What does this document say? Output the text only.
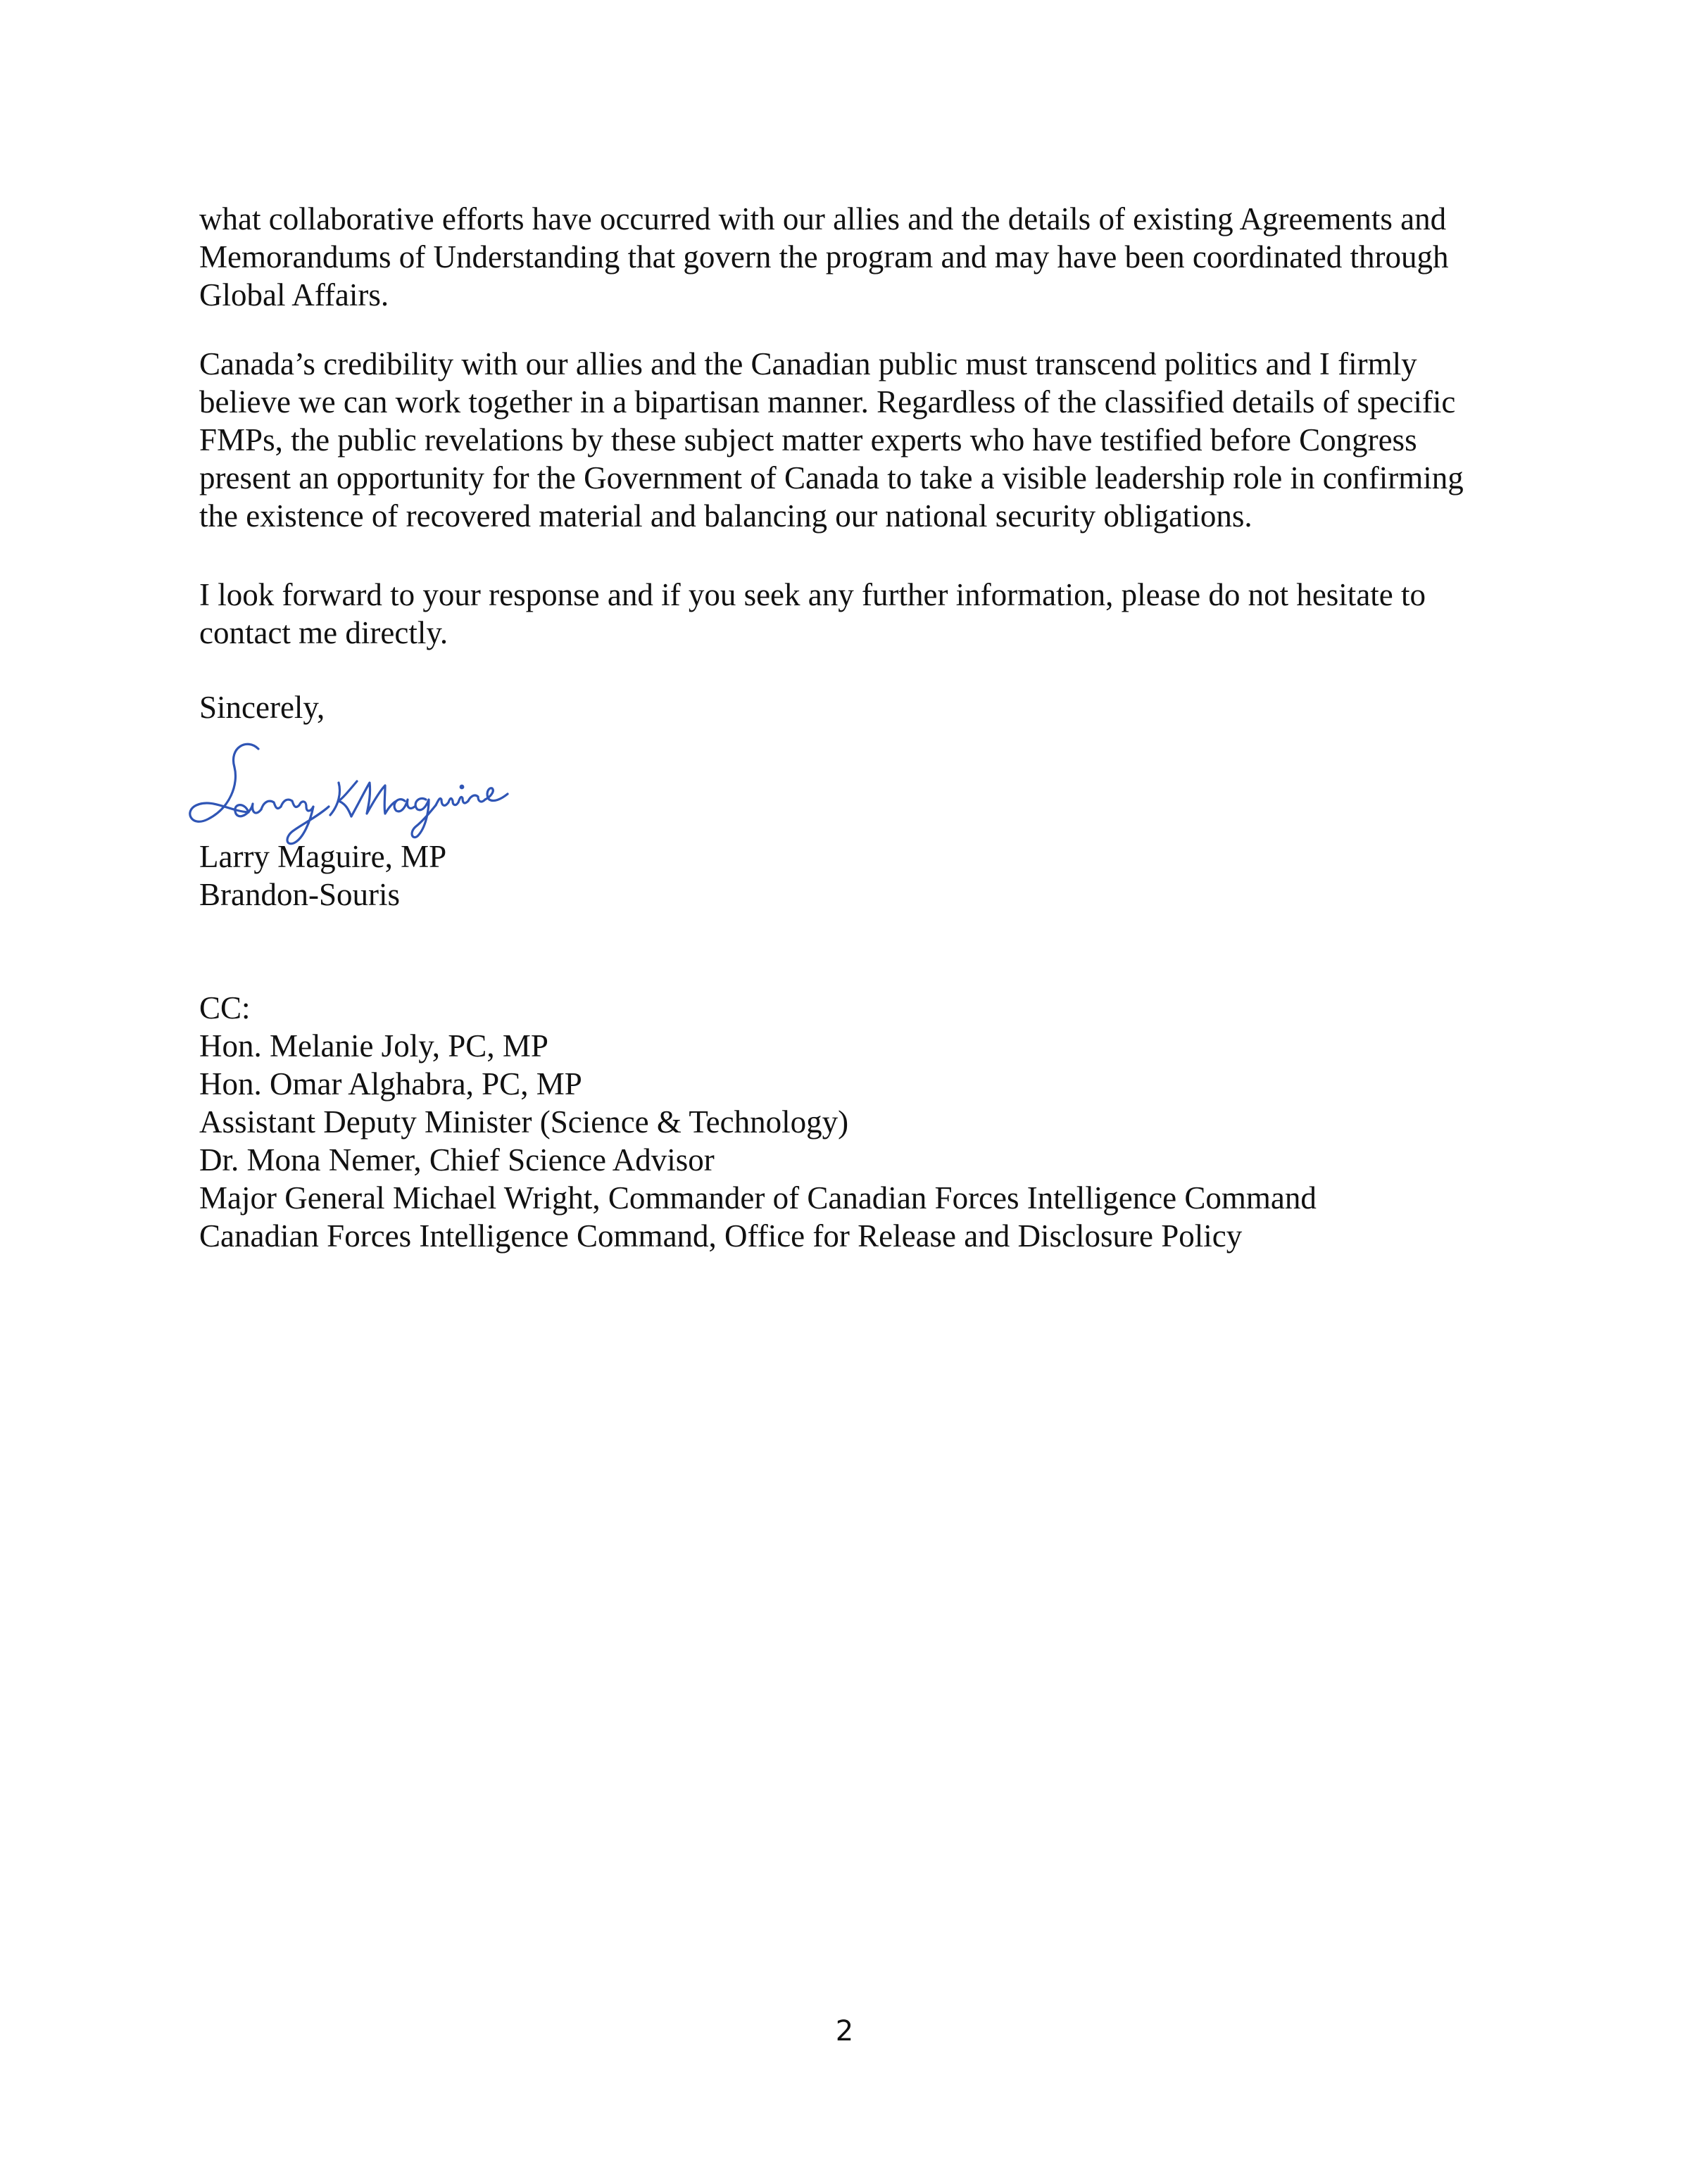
what collaborative efforts have occurred with our allies and the details of existing Agreements and
Memorandums of Understanding that govern the program and may have been coordinated through
Global Affairs.
Canada’s credibility with our allies and the Canadian public must transcend politics and I firmly
believe we can work together in a bipartisan manner. Regardless of the classified details of specific
FMPs, the public revelations by these subject matter experts who have testified before Congress
present an opportunity for the Government of Canada to take a visible leadership role in confirming
the existence of recovered material and balancing our national security obligations.
I look forward to your response and if you seek any further information, please do not hesitate to
contact me directly.
Sincerely,
Larry Maguire, MP
Brandon-Souris
CC:
Hon. Melanie Joly, PC, MP
Hon. Omar Alghabra, PC, MP
Assistant Deputy Minister (Science & Technology)
Dr. Mona Nemer, Chief Science Advisor
Major General Michael Wright, Commander of Canadian Forces Intelligence Command
Canadian Forces Intelligence Command, Office for Release and Disclosure Policy
2
